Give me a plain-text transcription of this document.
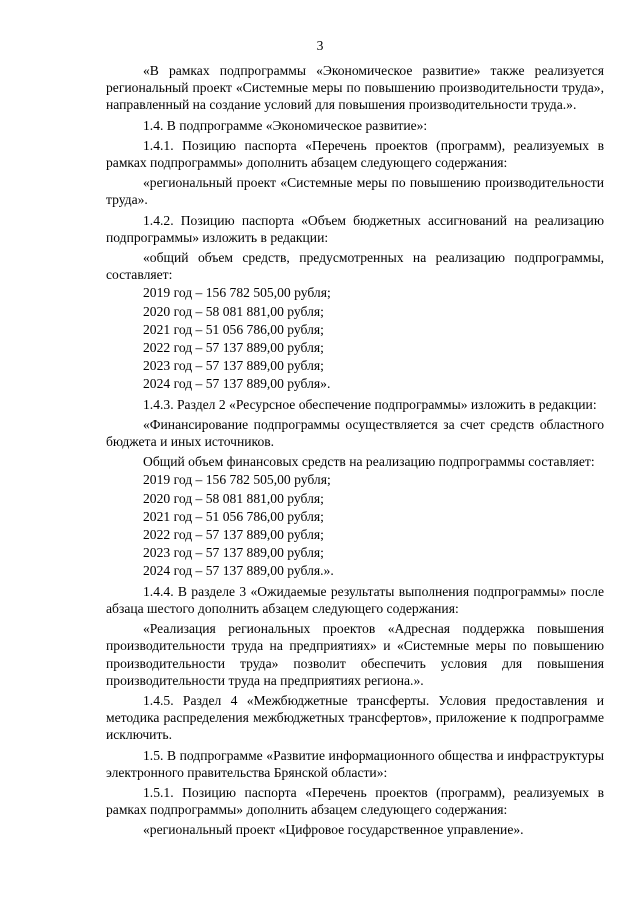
3
«В рамках подпрограммы «Экономическое развитие» также реализуется региональный проект «Системные меры по повышению производительности труда», направленный на создание условий для повышения производительности труда.».
1.4. В подпрограмме «Экономическое развитие»:
1.4.1. Позицию паспорта «Перечень проектов (программ), реализуемых в рамках подпрограммы» дополнить абзацем следующего содержания:
«региональный проект «Системные меры по повышению производительности труда».
1.4.2. Позицию паспорта «Объем бюджетных ассигнований на реализацию подпрограммы» изложить в редакции:
«общий объем средств, предусмотренных на реализацию подпрограммы, составляет:
2019 год – 156 782 505,00 рубля;
2020 год – 58 081 881,00 рубля;
2021 год – 51 056 786,00 рубля;
2022 год – 57 137 889,00 рубля;
2023 год – 57 137 889,00 рубля;
2024 год – 57 137 889,00 рубля».
1.4.3. Раздел 2 «Ресурсное обеспечение подпрограммы» изложить в редакции:
«Финансирование подпрограммы осуществляется за счет средств областного бюджета и иных источников.
Общий объем финансовых средств на реализацию подпрограммы составляет:
2019 год – 156 782 505,00 рубля;
2020 год – 58 081 881,00 рубля;
2021 год – 51 056 786,00 рубля;
2022 год – 57 137 889,00 рубля;
2023 год – 57 137 889,00 рубля;
2024 год – 57 137 889,00 рубля.».
1.4.4. В разделе 3 «Ожидаемые результаты выполнения подпрограммы» после абзаца шестого дополнить абзацем следующего содержания:
«Реализация региональных проектов «Адресная поддержка повышения производительности труда на предприятиях» и «Системные меры по повышению производительности труда» позволит обеспечить условия для повышения производительности труда на предприятиях региона.».
1.4.5. Раздел 4 «Межбюджетные трансферты. Условия предоставления и методика распределения межбюджетных трансфертов», приложение к подпрограмме исключить.
1.5. В подпрограмме «Развитие информационного общества и инфраструктуры электронного правительства Брянской области»:
1.5.1. Позицию паспорта «Перечень проектов (программ), реализуемых в рамках подпрограммы» дополнить абзацем следующего содержания:
«региональный проект «Цифровое государственное управление».
